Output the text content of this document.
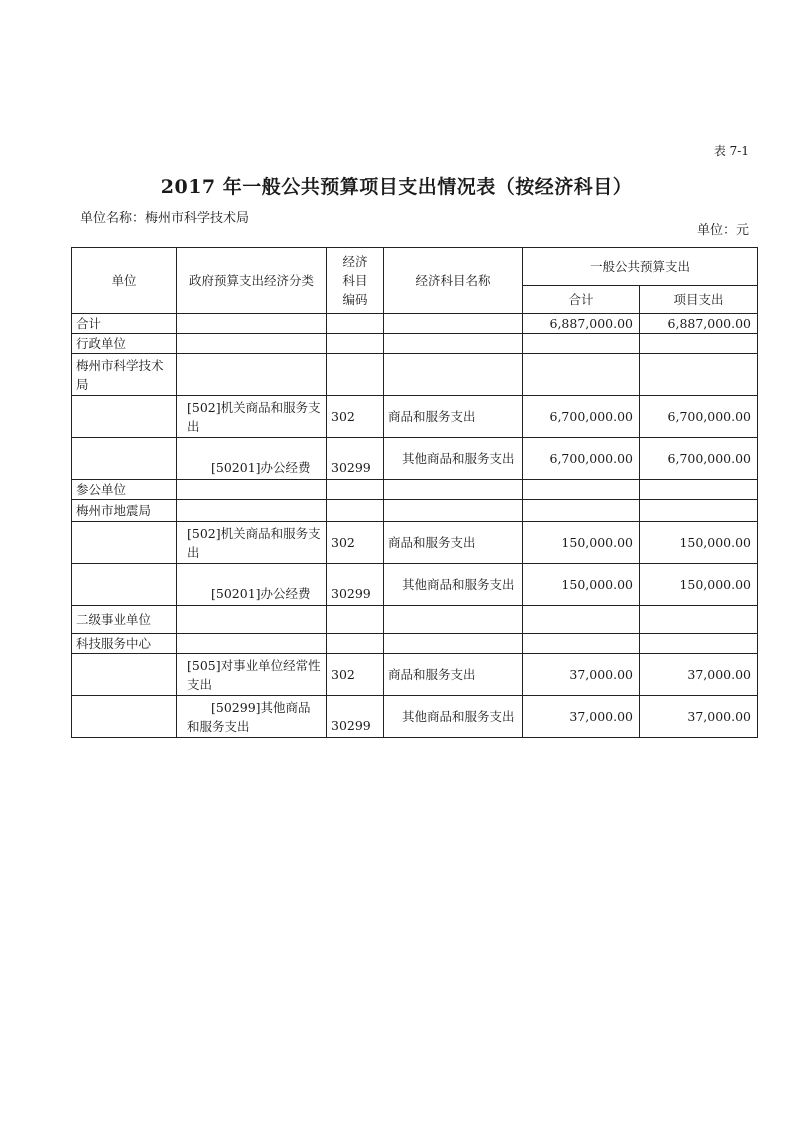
表 7-1
2017 年一般公共预算项目支出情况表（按经济科目）
单位名称：梅州市科学技术局
单位：元
单位	政府预算支出经济分类	经济科目编码	经济科目名称	一般公共预算支出	
				合计	项目支出
合计				6,887,000.00	6,887,000.00
行政单位					
梅州市科学技术局					
	[502]机关商品和服务支出	302	商品和服务支出	6,700,000.00	6,700,000.00
	[50201]办公经费	30299	其他商品和服务支出	6,700,000.00	6,700,000.00
参公单位					
梅州市地震局					
	[502]机关商品和服务支出	302	商品和服务支出	150,000.00	150,000.00
	[50201]办公经费	30299	其他商品和服务支出	150,000.00	150,000.00
二级事业单位					
科技服务中心					
	[505]对事业单位经常性支出	302	商品和服务支出	37,000.00	37,000.00
	[50299]其他商品和服务支出	30299	其他商品和服务支出	37,000.00	37,000.00
